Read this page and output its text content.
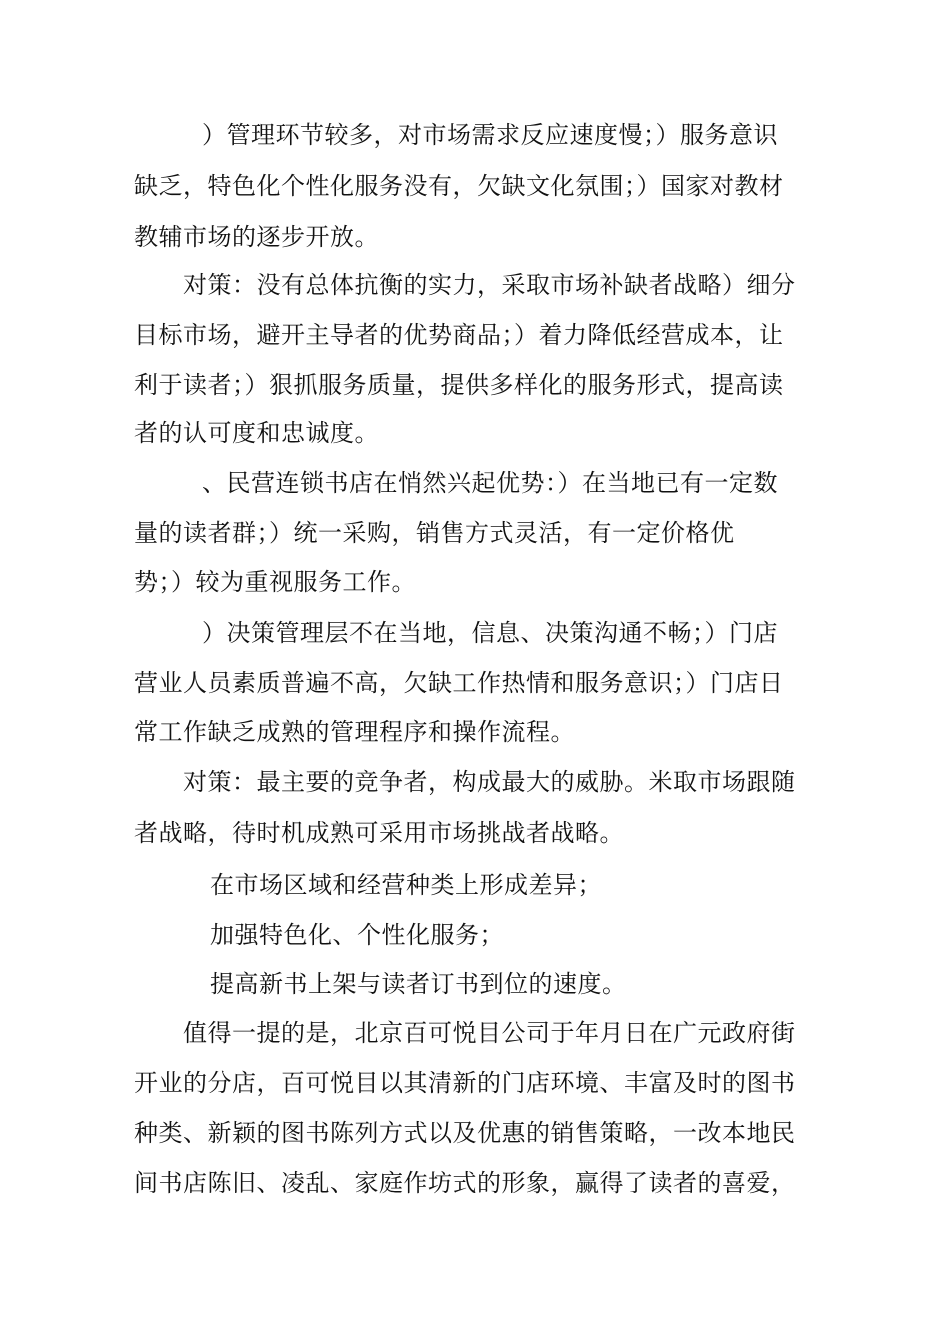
）管理环节较多，对市场需求反应速度慢；）服务意识
缺乏，特色化个性化服务没有，欠缺文化氛围；）国家对教材
教辅市场的逐步开放。
对策：没有总体抗衡的实力，采取市场补缺者战略）细分
目标市场，避开主导者的优势商品；）着力降低经营成本，让
利于读者；）狠抓服务质量，提供多样化的服务形式，提高读
者的认可度和忠诚度。
、民营连锁书店在悄然兴起优势：）在当地已有一定数
量的读者群；）统一采购，销售方式灵活，有一定价格优
势；）较为重视服务工作。
）决策管理层不在当地，信息、决策沟通不畅；）门店
营业人员素质普遍不高，欠缺工作热情和服务意识；）门店日
常工作缺乏成熟的管理程序和操作流程。
对策：最主要的竞争者，构成最大的威胁。米取市场跟随
者战略，待时机成熟可采用市场挑战者战略。
在市场区域和经营种类上形成差异；
加强特色化、个性化服务；
提高新书上架与读者订书到位的速度。
值得一提的是，北京百可悦目公司于年月日在广元政府街
开业的分店，百可悦目以其清新的门店环境、丰富及时的图书
种类、新颖的图书陈列方式以及优惠的销售策略，一改本地民
间书店陈旧、凌乱、家庭作坊式的形象，赢得了读者的喜爱，
